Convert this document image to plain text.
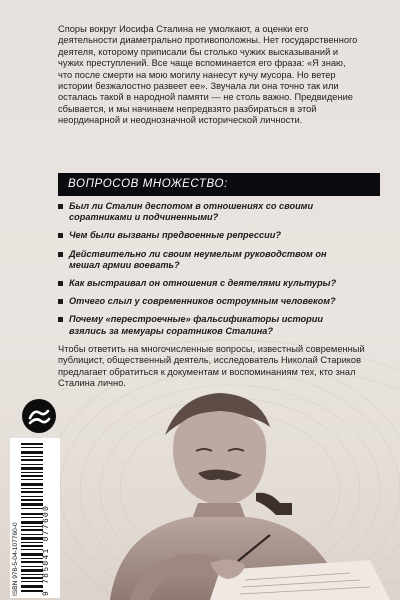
Споры вокруг Иосифа Сталина не умолкают, а оценки его деятельности диаметрально противоположны. Нет государственного деятеля, которому приписали бы столько чужих высказываний и чужих преступлений. Все чаще вспоминается его фраза: «Я знаю, что после смерти на мою могилу нанесут кучу мусора. Но ветер истории безжалостно развеет ее». Звучала ли она точно так или осталась такой в народной памяти — не столь важно. Предвидение сбывается, и мы начинаем непредвзято разбираться в этой неординарной и неоднозначной исторической личности.

ВОПРОСОВ МНОЖЕСТВО:
Был ли Сталин деспотом в отношениях со своими соратниками и подчиненными?
Чем были вызваны предвоенные репрессии?
Действительно ли своим неумелым руководством он мешал армии воевать?
Как выстраивал он отношения с деятелями культуры?
Отчего слыл у современников остроумным человеком?
Почему «перестроечные» фальсификаторы истории взялись за мемуары соратников Сталина?

Чтобы ответить на многочисленные вопросы, известный современный публицист, общественный деятель, исследователь Николай Стариков предлагает обратиться к документам и воспоминаниям тех, кто знал Сталина лично.

ISBN 978-5-04-107760-0	9 785041 077600
